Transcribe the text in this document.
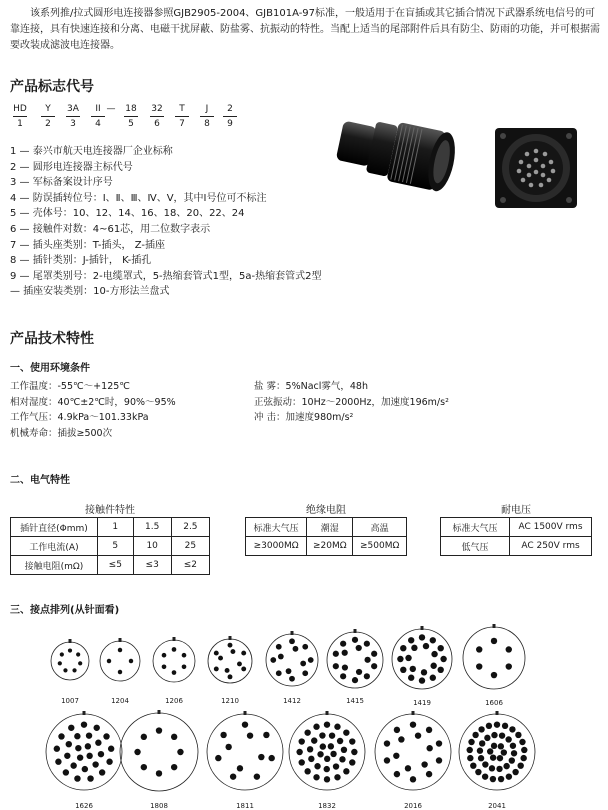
该系列推/拉式圆形电连接器参照GJB2905-2004、GJB101A-97标准，一般适用于在盲插或其它插合情况下武器系统电信号的可靠连接，具有快速连接和分离、电磁干扰屏蔽、防盐雾、抗振动的特性。当配上适当的尾部附件后具有防尘、防雨的功能，并可根据需要改装成滤波电连接器。
产品标志代号
HD	Y	3A	II —	18	32	T	J	2
1	2	3	4	5	6	7	8	9
1 — 泰兴市航天电连接器厂企业标称
2 — 圆形电连接器主标代号
3 — 军标备案设计序号
4 — 防误插转位号：Ⅰ、Ⅱ、Ⅲ、Ⅳ、Ⅴ，其中Ⅰ号位可不标注
5 — 壳体号：10、12、14、16、18、20、22、24
6 — 接触件对数：4~61芯，用二位数字表示
7 — 插头座类别：T-插头， Z-插座
8 — 插针类别：J-插针， K-插孔
9 — 尾罩类别号：2-电缆罩式，5-热缩套管式1型，5a-热缩套管式2型
— 插座安装类别：10-方形法兰盘式
产品技术特性
一、使用环境条件
工作温度：-55℃～+125℃
相对湿度：40℃±2℃时，90%～95%
工作气压：4.9kPa～101.33kPa
机械寿命：插拔≥500次
盐 雾：5%Nacl雾气，48h
正弦振动：10Hz～2000Hz，加速度196m/s²
冲 击：加速度980m/s²
二、电气特性
接触件特性
插针直径(Φmm)	1	1.5	2.5
工作电流(A)	5	10	25
接触电阻(mΩ)	≤5	≤3	≤2
绝缘电阻
标准大气压	潮湿	高温
≥3000MΩ	≥20MΩ	≥500MΩ
耐电压
标准大气压	AC 1500V rms
低气压	AC 250V rms
三、接点排列(从针面看)
1007	1204	1206	1210	1412	1415	1419	1606
1626	1808	1811	1832	2016	2041
